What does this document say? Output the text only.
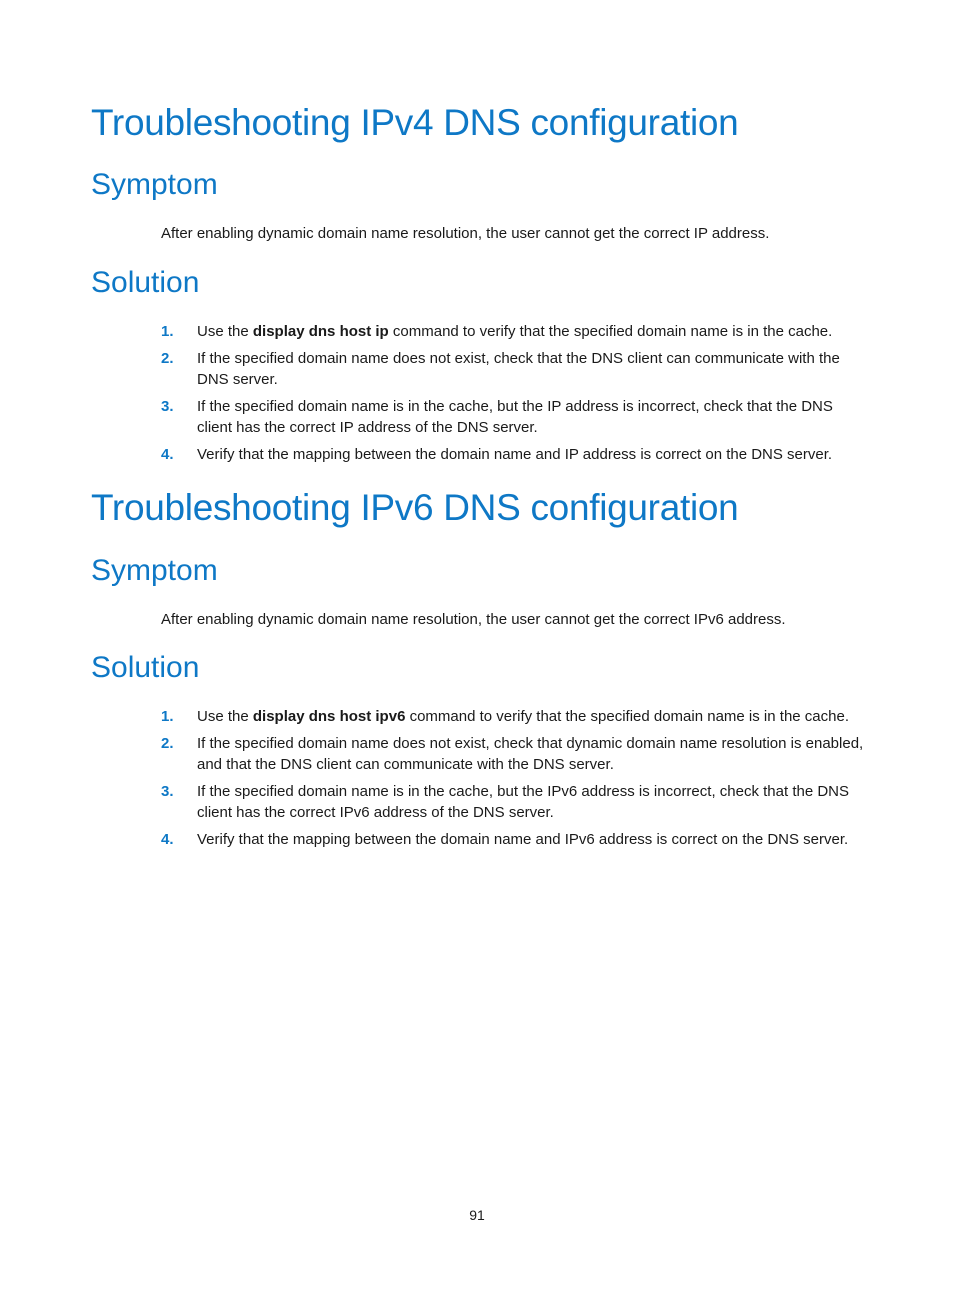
Troubleshooting IPv4 DNS configuration
Symptom

After enabling dynamic domain name resolution, the user cannot get the correct IP address.

Solution
1. Use the display dns host ip command to verify that the specified domain name is in the cache.
2. If the specified domain name does not exist, check that the DNS client can communicate with the DNS server.
3. If the specified domain name is in the cache, but the IP address is incorrect, check that the DNS client has the correct IP address of the DNS server.
4. Verify that the mapping between the domain name and IP address is correct on the DNS server.
Troubleshooting IPv6 DNS configuration
Symptom

After enabling dynamic domain name resolution, the user cannot get the correct IPv6 address.

Solution
1. Use the display dns host ipv6 command to verify that the specified domain name is in the cache.
2. If the specified domain name does not exist, check that dynamic domain name resolution is enabled, and that the DNS client can communicate with the DNS server.
3. If the specified domain name is in the cache, but the IPv6 address is incorrect, check that the DNS client has the correct IPv6 address of the DNS server.
4. Verify that the mapping between the domain name and IPv6 address is correct on the DNS server.
91
